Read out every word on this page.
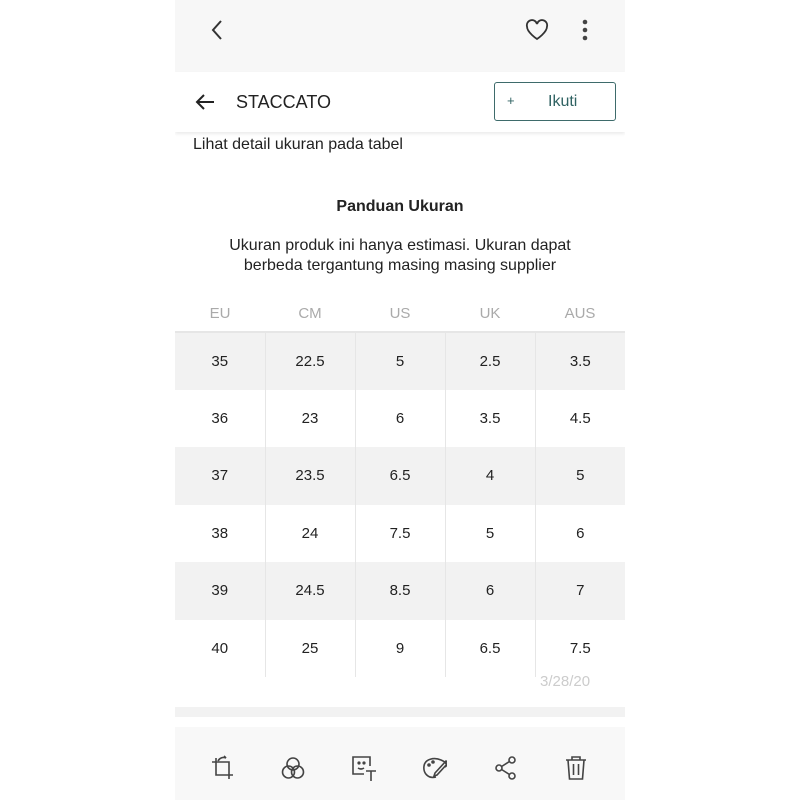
Lihat detail ukuran pada tabel
STACCATO	+ Ikuti
Panduan Ukuran
Ukuran produk ini hanya estimasi. Ukuran dapat
berbeda tergantung masing masing supplier
EU	CM	US	UK	AUS
35	22.5	5	2.5	3.5
36	23	6	3.5	4.5
37	23.5	6.5	4	5
38	24	7.5	5	6
39	24.5	8.5	6	7
40	25	9	6.5	7.5
3/28/20
